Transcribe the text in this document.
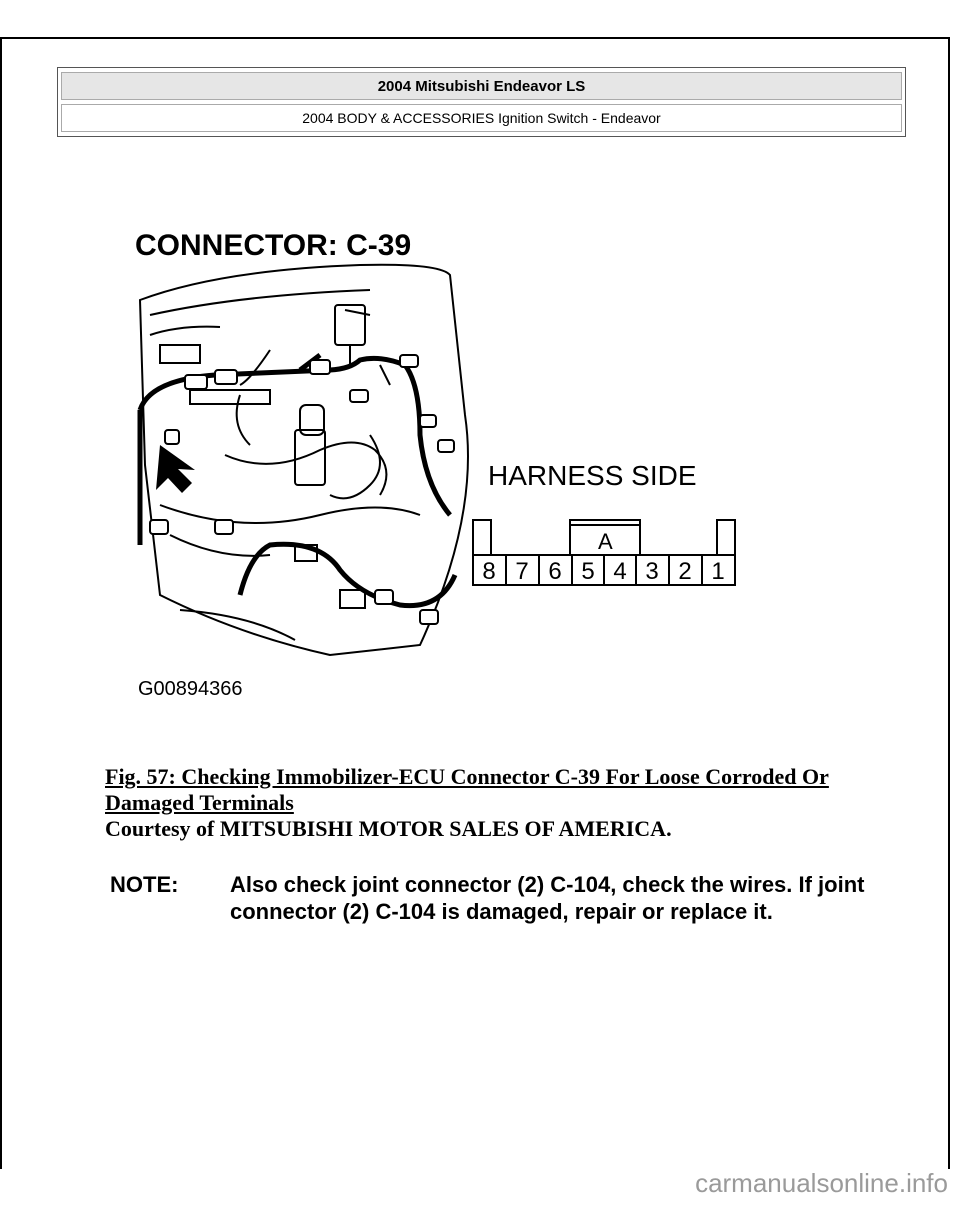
2004 Mitsubishi Endeavor LS
2004 BODY & ACCESSORIES Ignition Switch - Endeavor
CONNECTOR: C-39
HARNESS SIDE
A
8 7 6 5 4 3 2 1
G00894366
Fig. 57: Checking Immobilizer-ECU Connector C-39 For Loose Corroded Or Damaged Terminals
Courtesy of MITSUBISHI MOTOR SALES OF AMERICA.
NOTE:	Also check joint connector (2) C-104, check the wires. If joint connector (2) C-104 is damaged, repair or replace it.
carmanualsonline.info
